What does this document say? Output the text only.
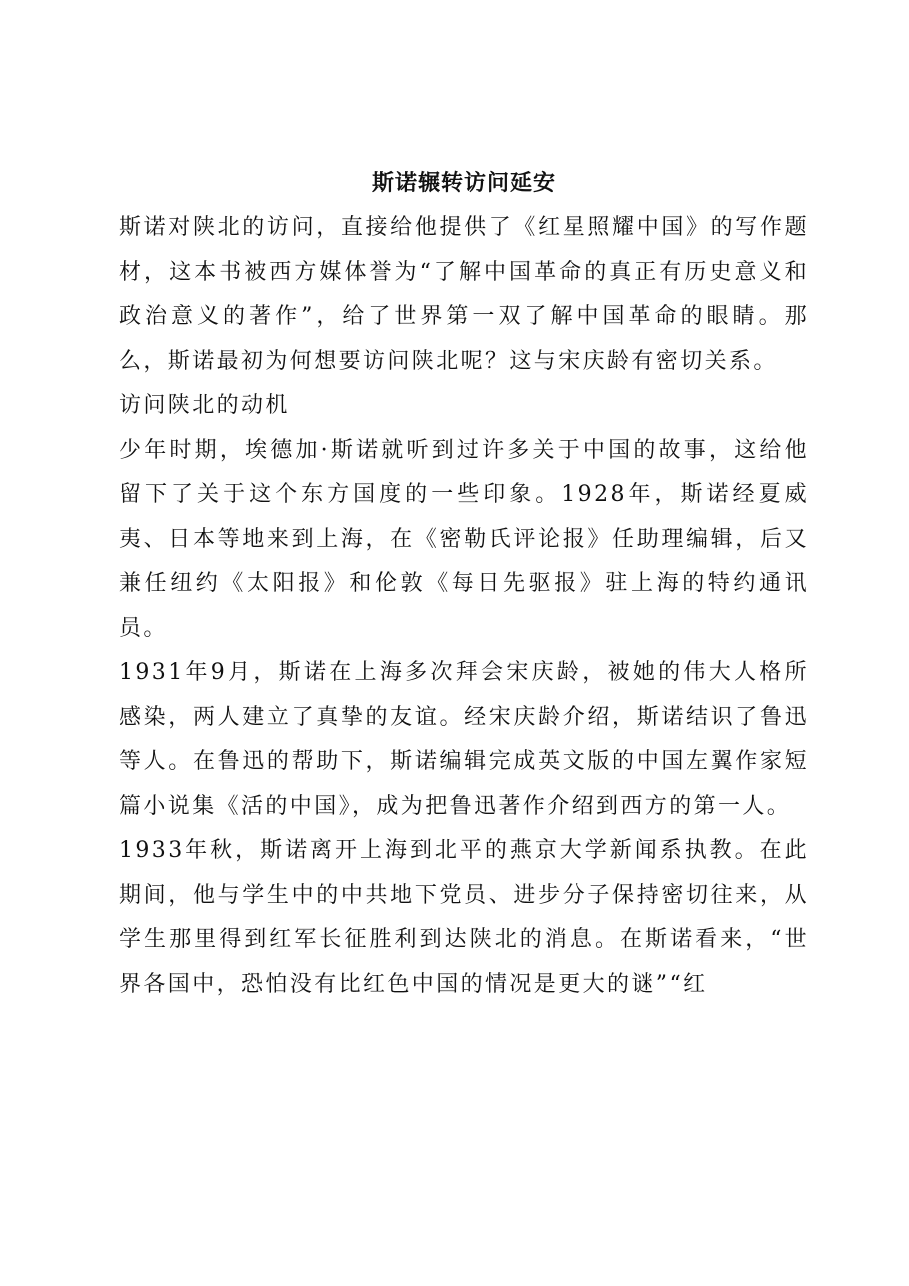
斯诺辗转访问延安

斯诺对陕北的访问，直接给他提供了《红星照耀中国》的写作题材，这本书被西方媒体誉为“了解中国革命的真正有历史意义和政治意义的著作”，给了世界第一双了解中国革命的眼睛。那么，斯诺最初为何想要访问陕北呢？这与宋庆龄有密切关系。

访问陕北的动机

少年时期，埃德加·斯诺就听到过许多关于中国的故事，这给他留下了关于这个东方国度的一些印象。1928年，斯诺经夏威夷、日本等地来到上海，在《密勒氏评论报》任助理编辑，后又兼任纽约《太阳报》和伦敦《每日先驱报》驻上海的特约通讯员。

1931年9月，斯诺在上海多次拜会宋庆龄，被她的伟大人格所感染，两人建立了真挚的友谊。经宋庆龄介绍，斯诺结识了鲁迅等人。在鲁迅的帮助下，斯诺编辑完成英文版的中国左翼作家短篇小说集《活的中国》，成为把鲁迅著作介绍到西方的第一人。

1933年秋，斯诺离开上海到北平的燕京大学新闻系执教。在此期间，他与学生中的中共地下党员、进步分子保持密切往来，从学生那里得到红军长征胜利到达陕北的消息。在斯诺看来，“世界各国中，恐怕没有比红色中国的情况是更大的谜”“红
